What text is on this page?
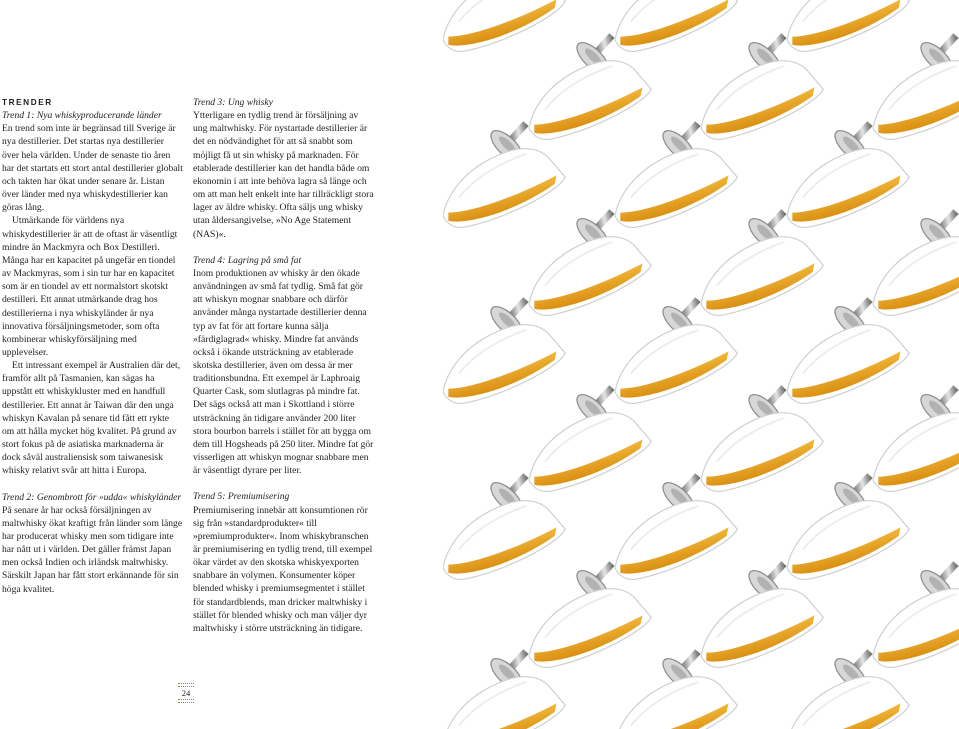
TRENDER

Trend 1: Nya whiskyproducerande länder

En trend som inte är begränsad till Sverige är nya destillerier. Det startas nya destillerier över hela världen. Under de senaste tio åren har det startats ett stort antal destillerier globalt och takten har ökat under senare år. Listan över länder med nya whiskydestillerier kan göras lång.

Utmärkande för världens nya whiskydestillerier är att de oftast är väsentligt mindre än Mackmyra och Box Destilleri. Många har en kapacitet på ungefär en tiondel av Mackmyras, som i sin tur har en kapacitet som är en tiondel av ett normalstort skotskt destilleri. Ett annat utmärkande drag hos destillerierna i nya whiskyländer är nya innovativa försäljningsmetoder, som ofta kombinerar whiskyförsäljning med upplevelser.

Ett intressant exempel är Australien där det, framför allt på Tasmanien, kan sägas ha uppstått ett whiskykluster med en handfull destillerier. Ett annat är Taiwan där den unga whiskyn Kavalan på senare tid fått ett rykte om att hålla mycket hög kvalitet. På grund av stort fokus på de asiatiska marknaderna är dock såväl australiensisk som taiwanesisk whisky relativt svår att hitta i Europa.

Trend 2: Genombrott för »udda« whiskyländer

På senare år har också försäljningen av maltwhisky ökat kraftigt från länder som länge har producerat whisky men som tidigare inte har nått ut i världen. Det gäller främst Japan men också Indien och irländsk maltwhisky. Särskilt Japan har fått stort erkännande för sin höga kvalitet.

Trend 3: Ung whisky

Ytterligare en tydlig trend är försäljning av ung maltwhisky. För nystartade destillerier är det en nödvändighet för att så snabbt som möjligt få ut sin whisky på marknaden. För etablerade destillerier kan det handla både om ekonomin i att inte behöva lagra så länge och om att man helt enkelt inte har tillräckligt stora lager av äldre whisky. Ofta säljs ung whisky utan åldersangivelse, »No Age Statement (NAS)«.

Trend 4: Lagring på små fat

Inom produktionen av whisky är den ökade användningen av små fat tydlig. Små fat gör att whiskyn mognar snabbare och därför använder många nystartade destillerier denna typ av fat för att fortare kunna sälja »färdiglagrad« whisky. Mindre fat används också i ökande utsträckning av etablerade skotska destillerier, även om dessa är mer traditionsbundna. Ett exempel är Laphroaig Quarter Cask, som slutlagras på mindre fat. Det sägs också att man i Skottland i större utsträckning än tidigare använder 200 liter stora bourbon barrels i stället för att bygga om dem till Hogsheads på 250 liter. Mindre fat gör visserligen att whiskyn mognar snabbare men är väsentligt dyrare per liter.

Trend 5: Premiumisering

Premiumisering innebär att konsumtionen rör sig från »standardprodukter« till »premiumprodukter«. Inom whiskybranschen är premiumisering en tydlig trend, till exempel ökar värdet av den skotska whiskyexporten snabbare än volymen. Konsumenter köper blended whisky i premiumsegmentet i stället för standardblends, man dricker maltwhisky i stället för blended whisky och man väljer dyr maltwhisky i större utsträckning än tidigare.

24
